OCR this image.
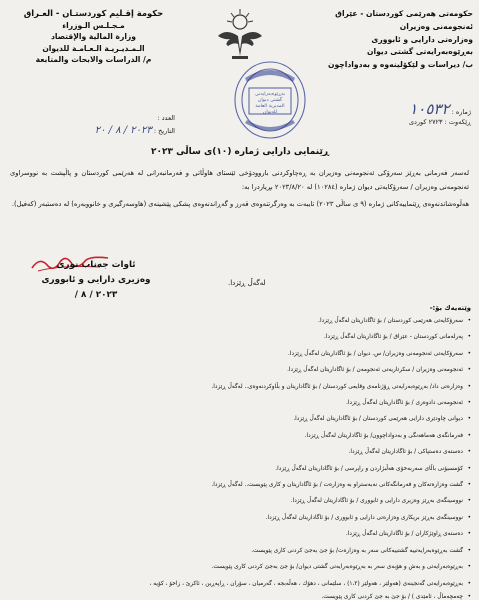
حكومة إقـليم كوردستـان - العـراق
مـجـلـس الـوزراء
وزارة المالية والإقتصاد
الـمـديـريـة الـعـامـة للديوان
م/ الدراسات والابحاث والمتابعة
حكومەتی هەرێمی كوردستان - عێراق
ئەنجومەنی وەزیران
وەزارەتی دارایی و ئابووری
بەڕێوەبەرایەتی گشتی دیوان
ب/ دیراسات و لێكۆلینەوە و بەدواداچون
بەڕێوەبەرایەتی
گشتی دیوان
المديرية العامة
للديوان
العدد :
التاريخ : ٢٠٢٣ / ٨ / ٢٠
ژمارە : ١٠٥٣٢
ڕێكەوت : ٢٧٢٣ كوردی
ڕێنمایی دارایی ژمارە (١٠)ی ساڵی ٢٠٢٣

لەسەر فەرمانی بەڕێز سەرۆكی ئەنجومەنی وەزیران بە ڕەچاوكردنی باروودۆخی ئێستای هاوڵاتی و فەرمانبەرانی لە هەرێمی كوردستان و پاڵپشت بە نووسراوی ئەنجومەنی وەزیران / سەرۆكایەتی دیوان ژمارە (١٠٢٨٤) لە ٢٠٢٣/٨/٢٠ بڕیاردرا بە:

هەڵوەشاندنەوەی ڕێنماییەكانی ژمارە (٩ ی ساڵی ٢٠٢٣) تایبەت بە وەرگرتنەوەی قەرز و گەڕاندنەوەی پشكی پێشینەی (هاوسەرگیری و خانووبەرە) لە دەستبەر (كەفیل).

ئاوات جەناب نوری
وەزیری دارایی و ئابووری
٢٠٢٣ / ٨ /
لەگەڵ ڕێزدا.
وێنەیەك بۆ:-
• سەرۆكایەتی هەرێمی كوردستان / بۆ ئاگاداریتان لەگەڵ ڕێزدا.
• پەرلەمانی كوردستان - عێراق / بۆ ئاگاداریتان لەگەڵ ڕێزدا.
• سەرۆكایەتی ئەنجومەنی وەزیران/ س. دیوان / بۆ ئاگاداریتان لەگەڵ ڕێزدا.
• ئەنجومەنی وەزیران / سكرتاریەتی ئەنجومەن / بۆ ئاگاداریتان لەگەڵ ڕێزدا.
• وەزارەتی داد/ بەڕێوەبەرایەتی ڕۆژنامەی وقایعی كوردستان / بۆ ئاگاداریتان و بڵاوكردنەوەی.. لەگەڵ ڕێزدا.
• ئەنجومەنی دادوەری / بۆ ئاگاداریتان لەگەڵ ڕێزدا.
• دیوانی چاودێری دارایی هەرێمی كوردستان / بۆ ئاگاداریتان لەگەڵ ڕێزدا.
• فەرمانگەی هەماهەنگی و بەدواداچوون/ بۆ ئاگاداریتان لەگەڵ ڕێزدا.
• دەستەی دەستپاكی / بۆ ئاگاداریتان لەگەڵ ڕێزدا.
• كۆمسیۆنی باڵای سەربەخۆی هەڵبژاردن و راپرسی / بۆ ئاگاداریتان لەگەڵ ڕێزدا.
• گشت وەزارەتەكان و فەرمانگەكانی نەبەستراو بە وەزارەت / بۆ ئاگاداریتان و كاری پێویست.. لەگەڵ ڕێزدا.
• نووسینگەی بەڕێز وەزیری دارایی و ئابووری / بۆ ئاگاداریتان لەگەڵ ڕێزدا.
• نووسینگەی بەڕێز بریكاری وەزارەتی دارایی و ئابووری / بۆ ئاگاداریتان لەگەڵ ڕێزدا.
• دەستەی ڕاوێژكاران / بۆ ئاگاداریتان لەگەڵ ڕێزدا.
• گشت بەڕێوەبەرایەتییە گشتییەكانی سەر بە وەزارەت/ بۆ جێ بەجێ كردنی كاری پێویست.
• بەڕێوەبەرایەتی و بەش و هۆبەی سەر بە بەڕێوەبەرایەتی گشتی دیوان/ بۆ جێ بەجێ كردنی كاری پێویست.
• بەڕێوەبەرایەتی گەنجینەی (هەولێر ، هەولێر (١،٢) ، سلێمانی ، دهۆك ، هەڵەبجە ، گەرمیان ، سۆران ، ڕاپەڕین ، ئاكرێ ، زاخۆ ، كۆیە ،
• چەمچەماڵ ، ئامێدی ) / بۆ جێ بە جێ كردنی كاری پێویست.
